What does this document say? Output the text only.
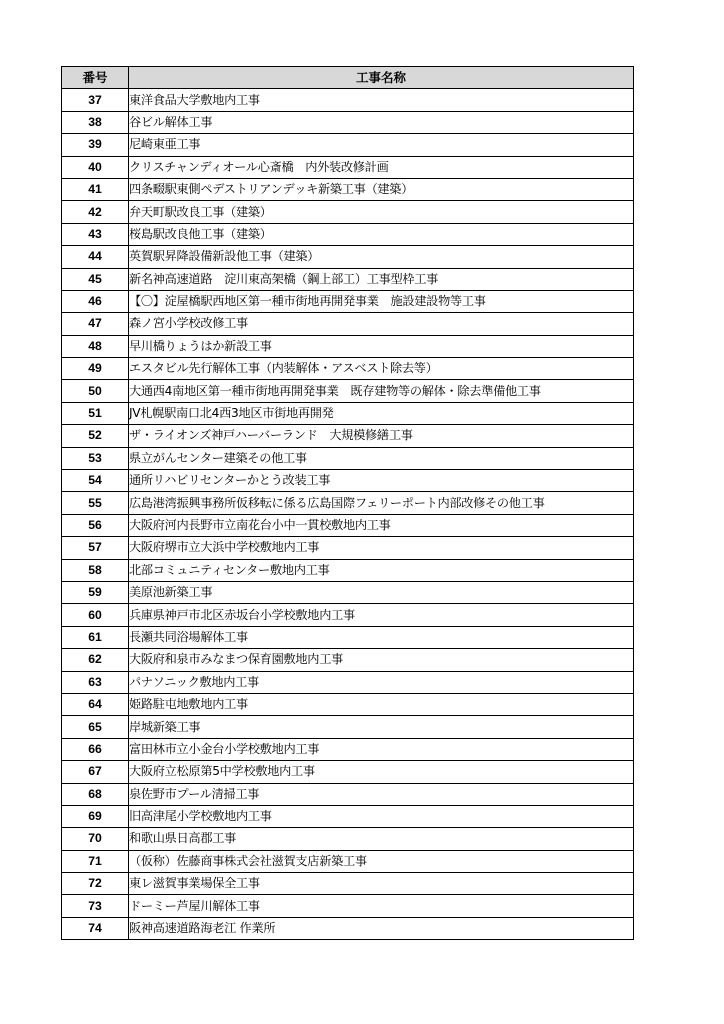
番号	工事名称
37	東洋食品大学敷地内工事
38	谷ビル解体工事
39	尼崎東亜工事
40	クリスチャンディオール心斎橋　内外装改修計画
41	四条畷駅東側ペデストリアンデッキ新築工事（建築）
42	弁天町駅改良工事（建築）
43	桜島駅改良他工事（建築）
44	英賀駅昇降設備新設他工事（建築）
45	新名神高速道路　淀川東高架橋（鋼上部工）工事型枠工事
46	【〇】淀屋橋駅西地区第一種市街地再開発事業　施設建設物等工事
47	森ノ宮小学校改修工事
48	早川橋りょうはか新設工事
49	エスタビル先行解体工事（内装解体・アスベスト除去等）
50	大通西4南地区第一種市街地再開発事業　既存建物等の解体・除去準備他工事
51	JV札幌駅南口北4西3地区市街地再開発
52	ザ・ライオンズ神戸ハーバーランド　大規模修繕工事
53	県立がんセンター建築その他工事
54	通所リハビリセンターかとう改装工事
55	広島港湾振興事務所仮移転に係る広島国際フェリーポート内部改修その他工事
56	大阪府河内長野市立南花台小中一貫校敷地内工事
57	大阪府堺市立大浜中学校敷地内工事
58	北部コミュニティセンター敷地内工事
59	美原池新築工事
60	兵庫県神戸市北区赤坂台小学校敷地内工事
61	長瀬共同浴場解体工事
62	大阪府和泉市みなまつ保育園敷地内工事
63	パナソニック敷地内工事
64	姫路駐屯地敷地内工事
65	岸城新築工事
66	富田林市立小金台小学校敷地内工事
67	大阪府立松原第5中学校敷地内工事
68	泉佐野市プール清掃工事
69	旧高津尾小学校敷地内工事
70	和歌山県日高郡工事
71	（仮称）佐藤商事株式会社滋賀支店新築工事
72	東レ滋賀事業場保全工事
73	ドーミー芦屋川解体工事
74	阪神高速道路海老江 作業所
